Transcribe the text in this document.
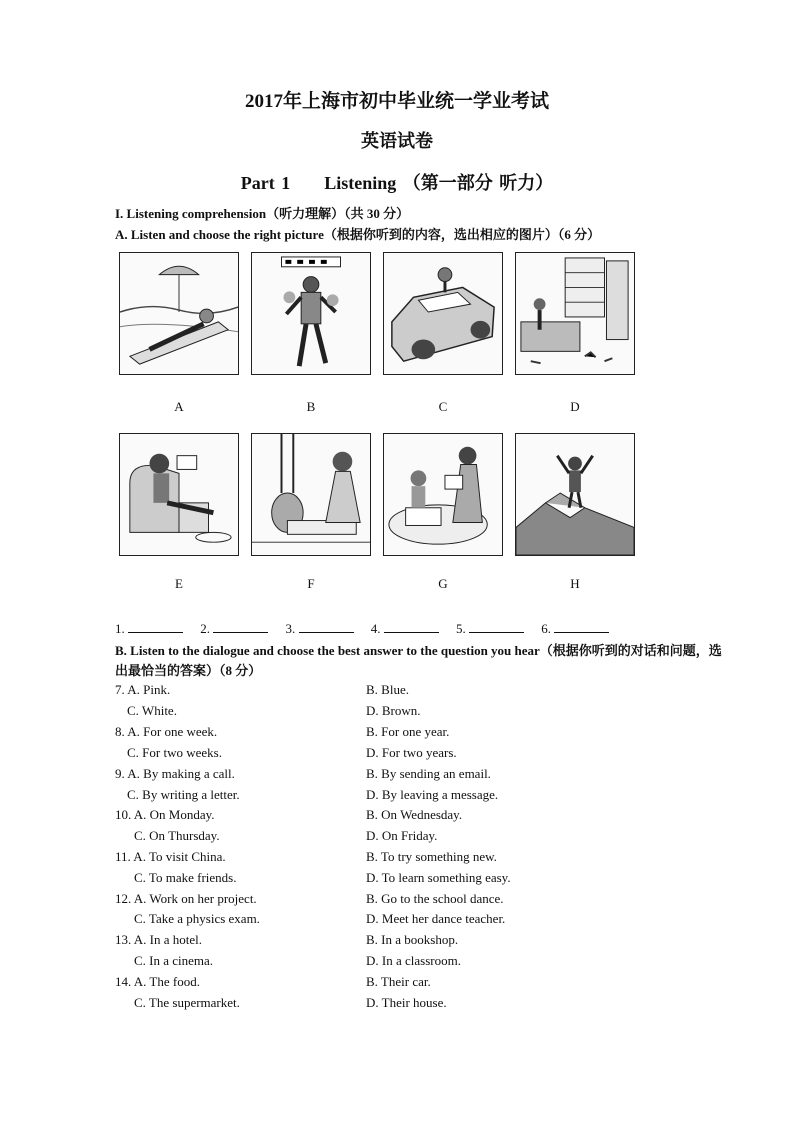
2017年上海市初中毕业统一学业考试
英语试卷
Part 1 Listening （第一部分 听力）
I. Listening comprehension（听力理解）（共 30 分）
A. Listen and choose the right picture（根据你听到的内容，选出相应的图片）（6 分）
A	B	C	D
E	F	G	H
1.	2.	3.	4.	5.	6.
B. Listen to the dialogue and choose the best answer to the question you hear（根据你听到的对话和问题，选出最恰当的答案）（8 分）
7. A. Pink.	B. Blue.
C. White.	D. Brown.
8. A. For one week.	B. For one year.
C. For two weeks.	D. For two years.
9. A. By making a call.	B. By sending an email.
C. By writing a letter.	D. By leaving a message.
10. A. On Monday.	B. On Wednesday.
C. On Thursday.	D. On Friday.
11. A. To visit China.	B. To try something new.
C. To make friends.	D. To learn something easy.
12. A. Work on her project.	B. Go to the school dance.
C. Take a physics exam.	D. Meet her dance teacher.
13. A. In a hotel.	B. In a bookshop.
C. In a cinema.	D. In a classroom.
14. A. The food.	B. Their car.
C. The supermarket.	D. Their house.
